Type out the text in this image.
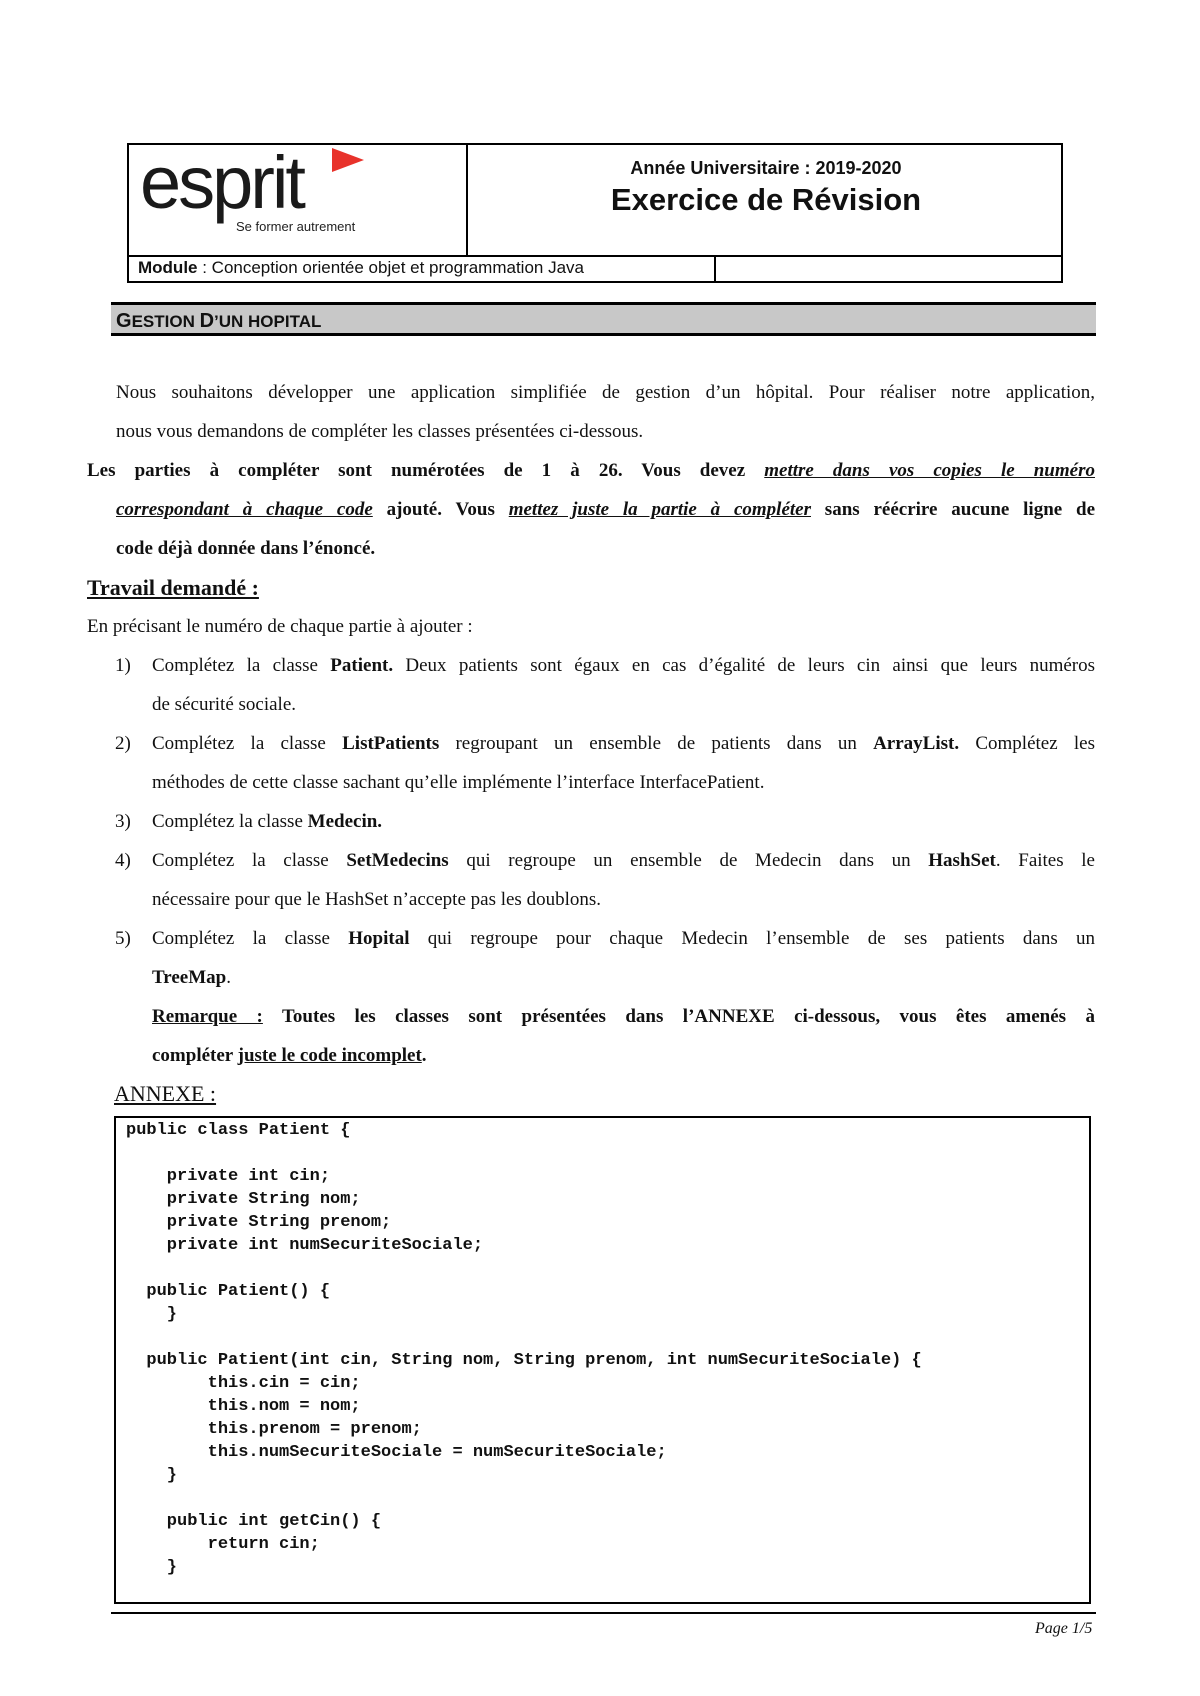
esprit
Se former autrement
Année Universitaire : 2019-2020
Exercice de Révision
Module : Conception orientée objet et programmation Java
GESTION D’UN HOPITAL
Nous souhaitons développer une application simplifiée de gestion d’un hôpital. Pour réaliser notre application,
nous vous demandons de compléter les classes présentées ci-dessous.
Les parties à compléter sont numérotées de 1 à 26. Vous devez mettre dans vos copies le numéro
correspondant à chaque code ajouté. Vous mettez juste la partie à compléter sans réécrire aucune ligne de
code déjà donnée dans l’énoncé.
Travail demandé :
En précisant le numéro de chaque partie à ajouter :
1) Complétez la classe Patient. Deux patients sont égaux en cas d’égalité de leurs cin ainsi que leurs numéros
de sécurité sociale.
2) Complétez la classe ListPatients regroupant un ensemble de patients dans un ArrayList. Complétez les
méthodes de cette classe sachant qu’elle implémente l’interface InterfacePatient.
3) Complétez la classe Medecin.
4) Complétez la classe SetMedecins qui regroupe un ensemble de Medecin dans un HashSet. Faites le
nécessaire pour que le HashSet n’accepte pas les doublons.
5) Complétez la classe Hopital qui regroupe pour chaque Medecin l’ensemble de ses patients dans un
TreeMap.
Remarque : Toutes les classes sont présentées dans l’ANNEXE ci-dessous, vous êtes amenés à
compléter juste le code incomplet.
ANNEXE :
public class Patient {

private int cin;
private String nom;
private String prenom;
private int numSecuriteSociale;

public Patient() {
}

public Patient(int cin, String nom, String prenom, int numSecuriteSociale) {
this.cin = cin;
this.nom = nom;
this.prenom = prenom;
this.numSecuriteSociale = numSecuriteSociale;
}

public int getCin() {
return cin;
}
Page 1/5
